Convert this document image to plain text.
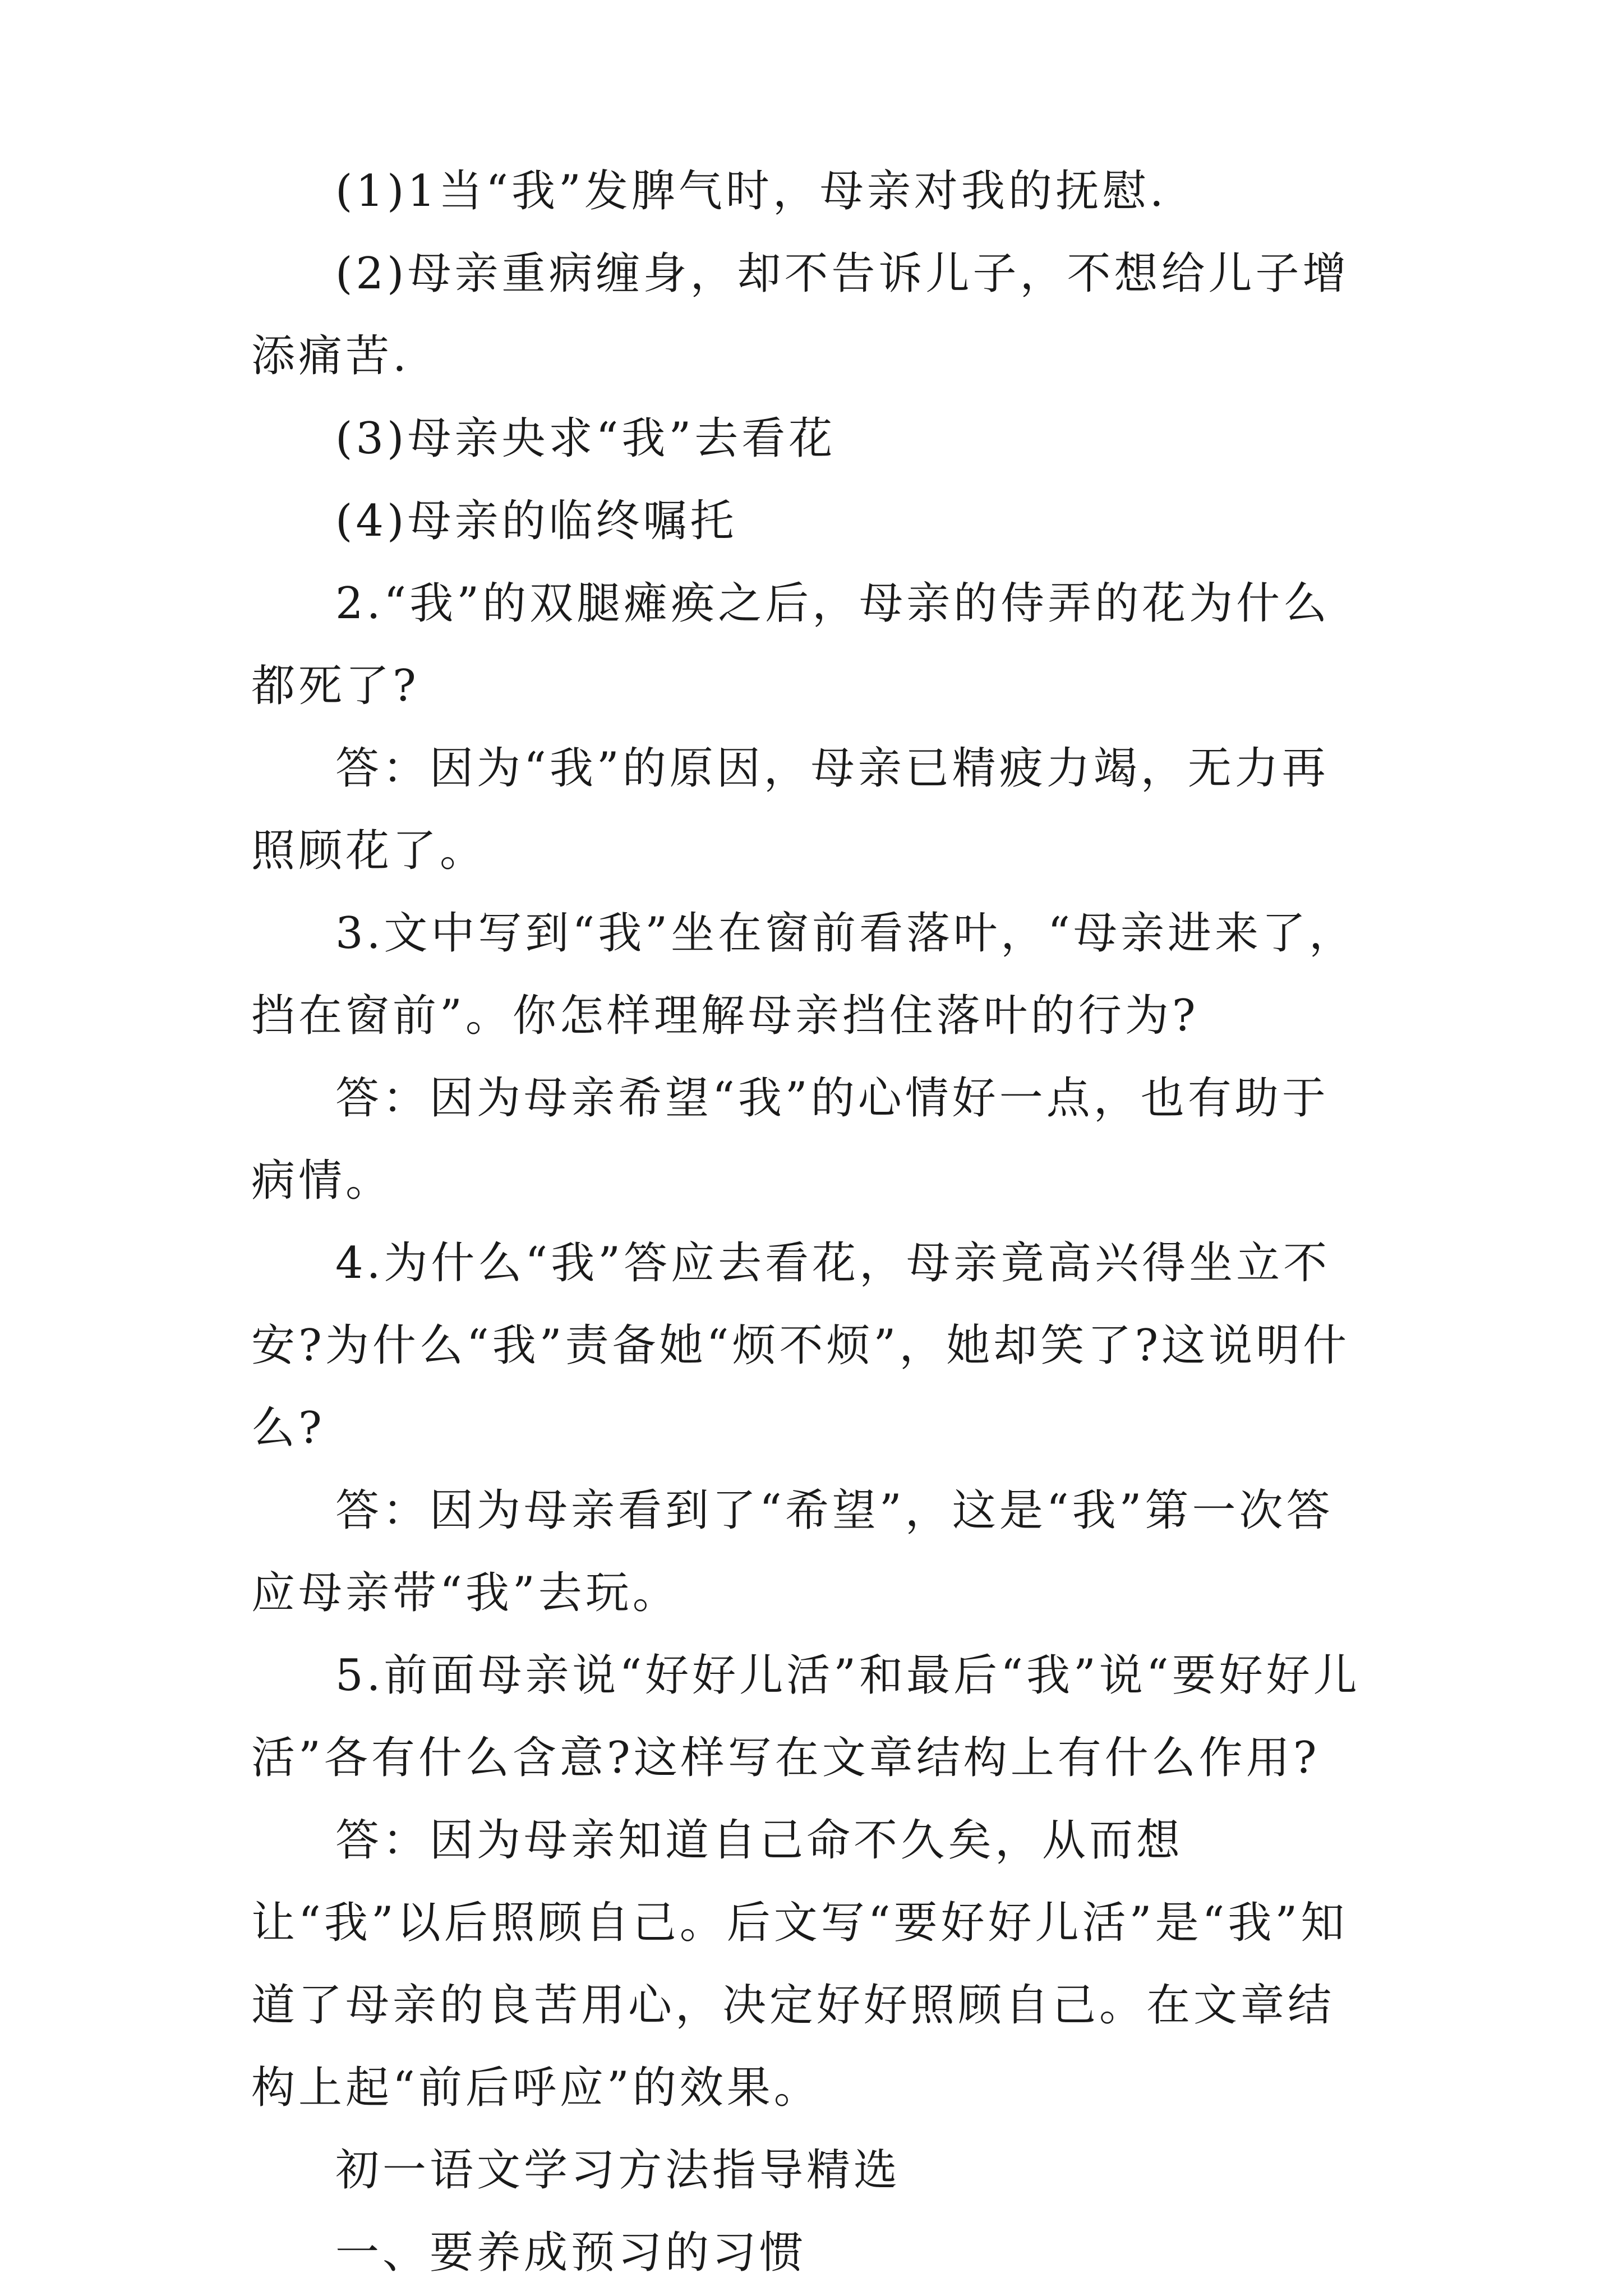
(1)1当“我”发脾气时，母亲对我的抚慰.

(2)母亲重病缠身，却不告诉儿子，不想给儿子增添痛苦.

(3)母亲央求“我”去看花

(4)母亲的临终嘱托

2.“我”的双腿瘫痪之后，母亲的侍弄的花为什么都死了?

答：因为“我”的原因，母亲已精疲力竭，无力再照顾花了。

3.文中写到“我”坐在窗前看落叶，“母亲进来了，挡在窗前”。你怎样理解母亲挡住落叶的行为?

答：因为母亲希望“我”的心情好一点，也有助于病情。

4.为什么“我”答应去看花，母亲竟高兴得坐立不安?为什么“我”责备她“烦不烦”，她却笑了?这说明什么?

答：因为母亲看到了“希望”，这是“我”第一次答应母亲带“我”去玩。

5.前面母亲说“好好儿活”和最后“我”说“要好好儿活”各有什么含意?这样写在文章结构上有什么作用?

答：因为母亲知道自己命不久矣，从而想让“我”以后照顾自己。后文写“要好好儿活”是“我”知道了母亲的良苦用心，决定好好照顾自己。在文章结构上起“前后呼应”的效果。

初一语文学习方法指导精选

一、要养成预习的习惯
